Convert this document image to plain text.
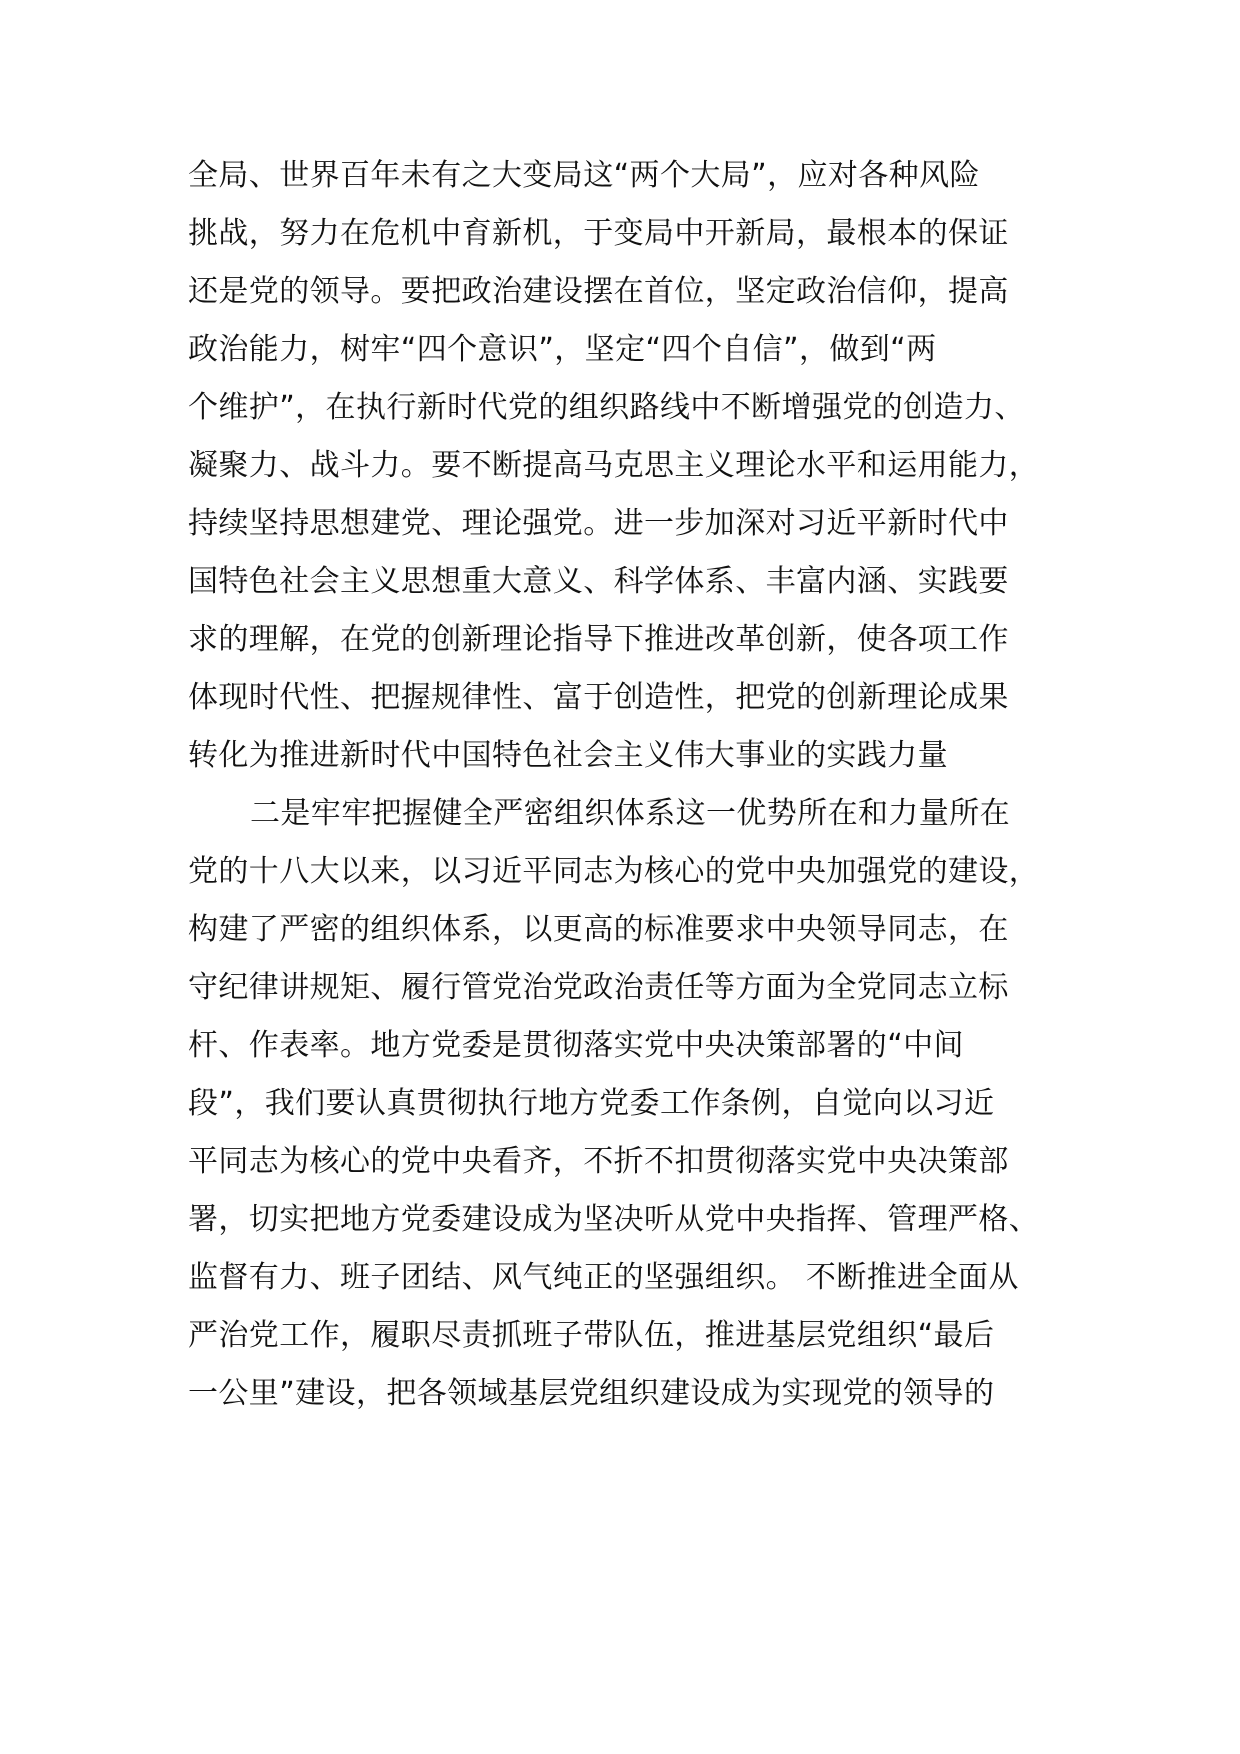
全局、世界百年未有之大变局这“两个大局”，应对各种风险
挑战，努力在危机中育新机，于变局中开新局，最根本的保证
还是党的领导。要把政治建设摆在首位，坚定政治信仰，提高
政治能力，树牢“四个意识”，坚定“四个自信”，做到“两
个维护”，在执行新时代党的组织路线中不断增强党的创造力、
凝聚力、战斗力。要不断提高马克思主义理论水平和运用能力，
持续坚持思想建党、理论强党。进一步加深对习近平新时代中
国特色社会主义思想重大意义、科学体系、丰富内涵、实践要
求的理解，在党的创新理论指导下推进改革创新，使各项工作
体现时代性、把握规律性、富于创造性，把党的创新理论成果
转化为推进新时代中国特色社会主义伟大事业的实践力量
二是牢牢把握健全严密组织体系这一优势所在和力量所在
党的十八大以来，以习近平同志为核心的党中央加强党的建设，
构建了严密的组织体系，以更高的标准要求中央领导同志，在
守纪律讲规矩、履行管党治党政治责任等方面为全党同志立标
杆、作表率。地方党委是贯彻落实党中央决策部署的“中间
段”，我们要认真贯彻执行地方党委工作条例，自觉向以习近
平同志为核心的党中央看齐，不折不扣贯彻落实党中央决策部
署，切实把地方党委建设成为坚决听从党中央指挥、管理严格、
监督有力、班子团结、风气纯正的坚强组织。 不断推进全面从
严治党工作，履职尽责抓班子带队伍，推进基层党组织“最后
一公里”建设，把各领域基层党组织建设成为实现党的领导的
